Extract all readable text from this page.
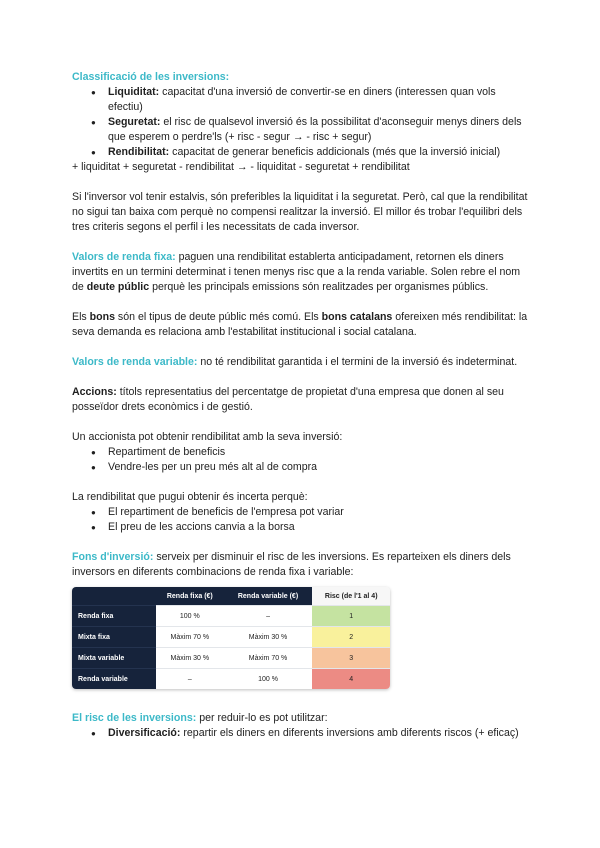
Classificació de les inversions:

● Liquiditat: capacitat d'una inversió de convertir-se en diners (interessen quan vols efectiu)
● Seguretat: el risc de qualsevol inversió és la possibilitat d'aconseguir menys diners dels que esperem o perdre'ls (+ risc - segur → - risc + segur)
● Rendibilitat: capacitat de generar beneficis addicionals (més que la inversió inicial)

+ liquiditat + seguretat - rendibilitat → - liquiditat - seguretat + rendibilitat

Si l'inversor vol tenir estalvis, són preferibles la liquiditat i la seguretat. Però, cal que la rendibilitat no sigui tan baixa com perquè no compensi realitzar la inversió. El millor és trobar l'equilibri dels tres criteris segons el perfil i les necessitats de cada inversor.

Valors de renda fixa: paguen una rendibilitat establerta anticipadament, retornen els diners invertits en un termini determinat i tenen menys risc que a la renda variable. Solen rebre el nom de deute públic perquè les principals emissions són realitzades per organismes públics.

Els bons són el tipus de deute públic més comú. Els bons catalans ofereixen més rendibilitat: la seva demanda es relaciona amb l'estabilitat institucional i social catalana.

Valors de renda variable: no té rendibilitat garantida i el termini de la inversió és indeterminat.

Accions: títols representatius del percentatge de propietat d'una empresa que donen al seu posseïdor drets econòmics i de gestió.

Un accionista pot obtenir rendibilitat amb la seva inversió:

● Repartiment de beneficis
● Vendre-les per un preu més alt al de compra

La rendibilitat que pugui obtenir és incerta perquè:

● El repartiment de beneficis de l'empresa pot variar
● El preu de les accions canvia a la borsa

Fons d'inversió: serveix per disminuir el risc de les inversions. Es reparteixen els diners dels inversors en diferents combinacions de renda fixa i variable:

	Renda fixa (€)	Renda variable (€)	Risc (de l'1 al 4)
Renda fixa	100 %	–	1
Mixta fixa	Màxim 70 %	Màxim 30 %	2
Mixta variable	Màxim 30 %	Màxim 70 %	3
Renda variable	–	100 %	4

El risc de les inversions: per reduir-lo es pot utilitzar:

● Diversificació: repartir els diners en diferents inversions amb diferents riscos (+ eficaç)
